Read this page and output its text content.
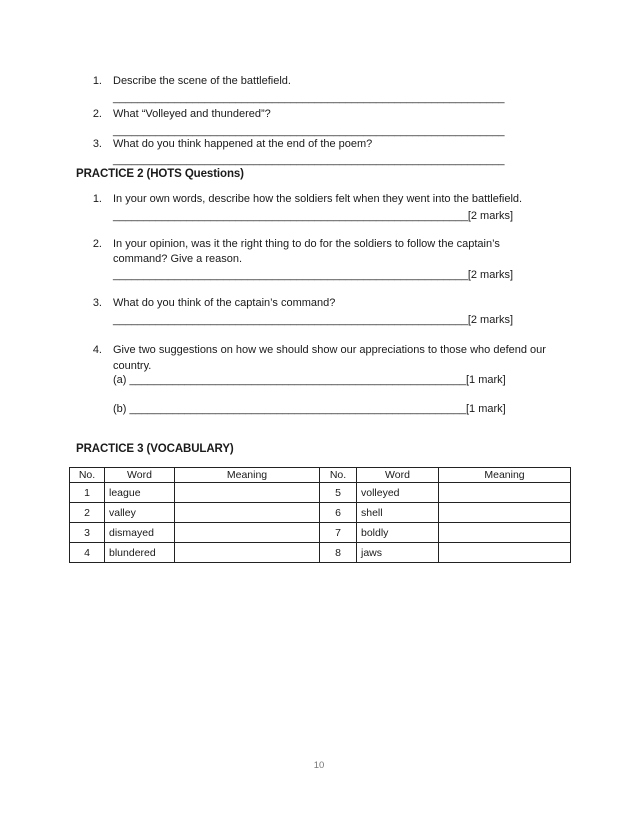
1. Describe the scene of the battlefield.
________________________________________________________________
2. What “Volleyed and thundered”?
________________________________________________________________
3. What do you think happened at the end of the poem?
________________________________________________________________
PRACTICE 2 (HOTS Questions)
1. In your own words, describe how the soldiers felt when they went into the battlefield.
__________________________________________________________[2 marks]
2. In your opinion, was it the right thing to do for the soldiers to follow the captain’s
command? Give a reason.
__________________________________________________________[2 marks]
3. What do you think of the captain’s command?
__________________________________________________________[2 marks]
4. Give two suggestions on how we should show our appreciations to those who defend our
country.
(a) _______________________________________________________[1 mark]
(b) _______________________________________________________[1 mark]
PRACTICE 3 (VOCABULARY)
No.	Word	Meaning	No.	Word	Meaning
1	league		5	volleyed	
2	valley		6	shell	
3	dismayed		7	boldly	
4	blundered		8	jaws	
10
